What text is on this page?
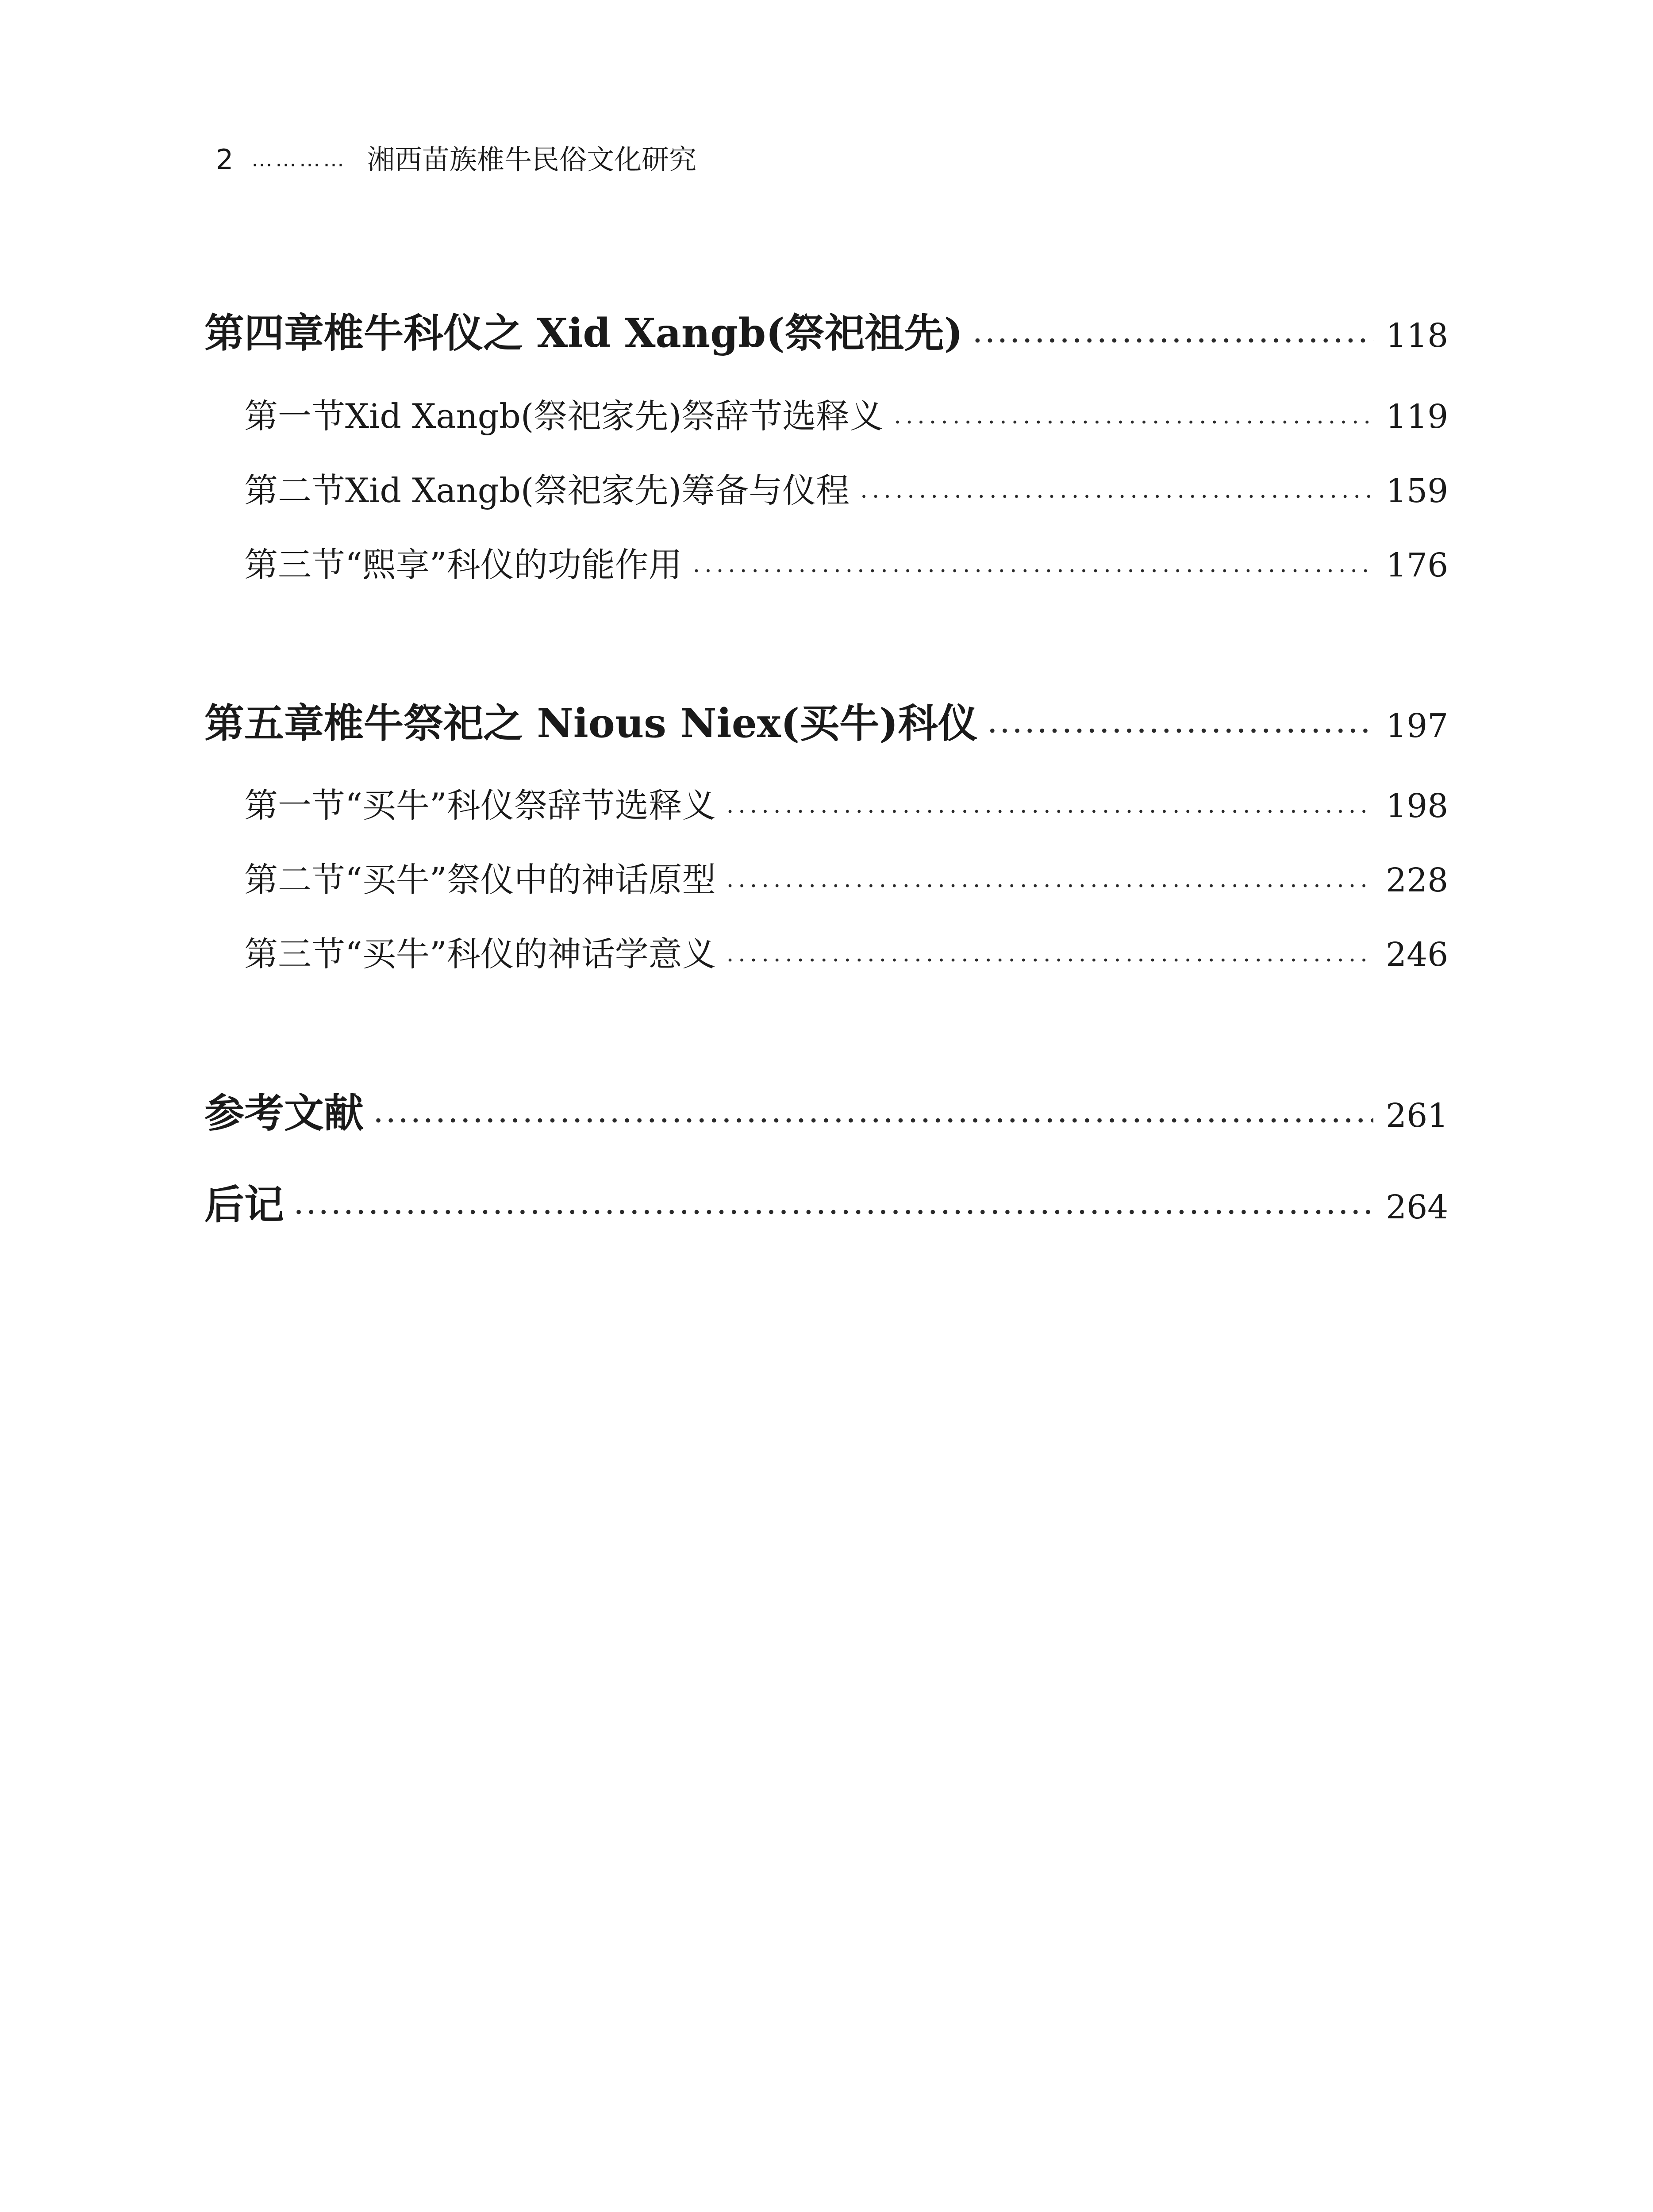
2 ………… 湘西苗族椎牛民俗文化研究
第四章 椎牛科仪之 Xid Xangb(祭祀祖先) .....	118
第一节 Xid Xangb(祭祀家先)祭辞节选释义 .....	119
第二节 Xid Xangb(祭祀家先)筹备与仪程 .....	159
第三节 “熙享”科仪的功能作用 .....	176
第五章 椎牛祭祀之 Nious Niex(买牛)科仪 .....	197
第一节 “买牛”科仪祭辞节选释义 .....	198
第二节 “买牛”祭仪中的神话原型 .....	228
第三节 “买牛”科仪的神话学意义 .....	246
参考文献 .....	261
后记 .....	264
